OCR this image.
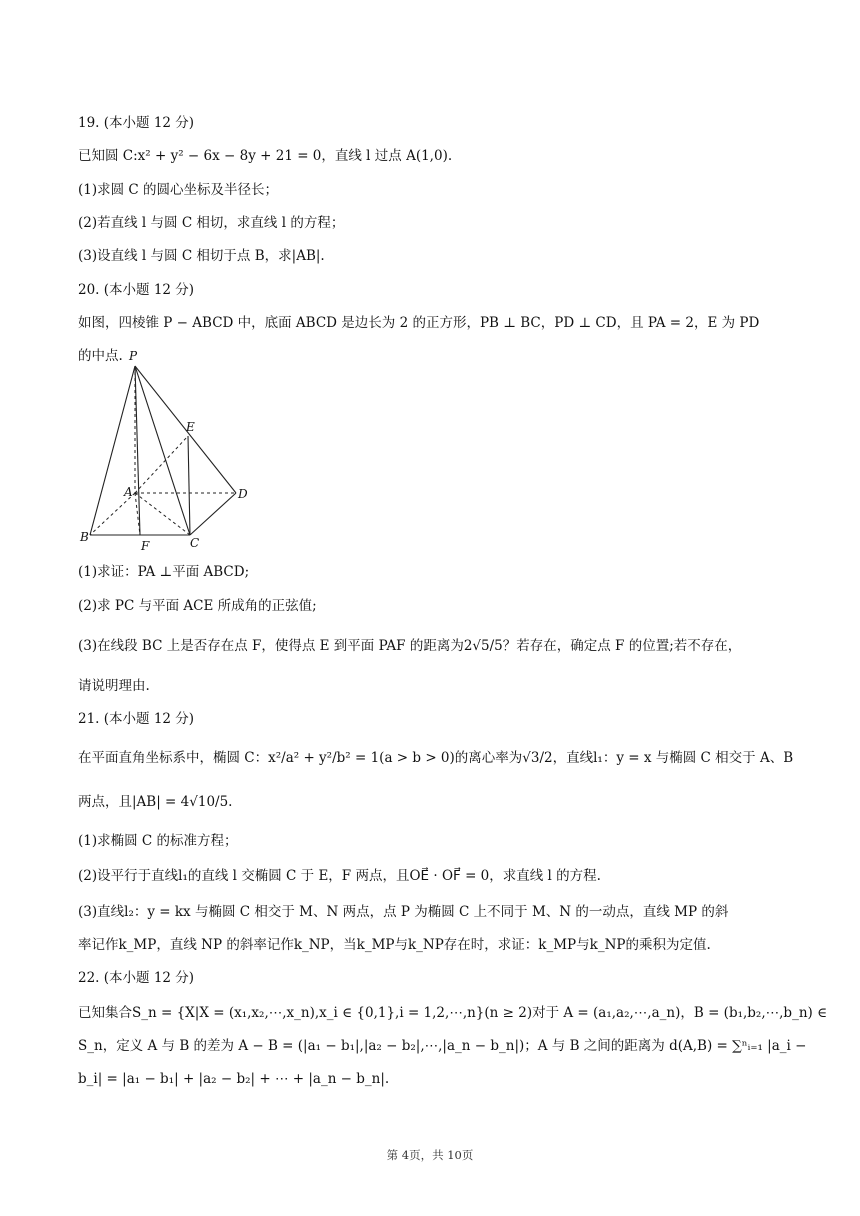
19. (本小题 12 分)
已知圆 C:x² + y² − 6x − 8y + 21 = 0，直线 l 过点 A(1,0).
(1)求圆 C 的圆心坐标及半径长；
(2)若直线 l 与圆 C 相切，求直线 l 的方程；
(3)设直线 l 与圆 C 相切于点 B，求|AB|.
20. (本小题 12 分)
如图，四棱锥 P − ABCD 中，底面 ABCD 是边长为 2 的正方形，PB ⊥ BC，PD ⊥ CD，且 PA = 2，E 为 PD
的中点.
(1)求证：PA ⊥平面 ABCD;
(2)求 PC 与平面 ACE 所成角的正弦值;
(3)在线段 BC 上是否存在点 F，使得点 E 到平面 PAF 的距离为2√5/5？若存在，确定点 F 的位置;若不存在，
请说明理由.
21. (本小题 12 分)
在平面直角坐标系中，椭圆 C：x²/a² + y²/b² = 1(a > b > 0)的离心率为√3/2，直线l₁：y = x 与椭圆 C 相交于 A、B
两点，且|AB| = 4√10/5.
(1)求椭圆 C 的标准方程；
(2)设平行于直线l₁的直线 l 交椭圆 C 于 E，F 两点，且OE⃗ · OF⃗ = 0，求直线 l 的方程.
(3)直线l₂：y = kx 与椭圆 C 相交于 M、N 两点，点 P 为椭圆 C 上不同于 M、N 的一动点，直线 MP 的斜
率记作k_MP，直线 NP 的斜率记作k_NP，当k_MP与k_NP存在时，求证：k_MP与k_NP的乘积为定值.
22. (本小题 12 分)
已知集合S_n = {X|X = (x₁,x₂,⋯,x_n),x_i ∈ {0,1},i = 1,2,⋯,n}(n ≥ 2)对于 A = (a₁,a₂,⋯,a_n)，B = (b₁,b₂,⋯,b_n) ∈
S_n，定义 A 与 B 的差为 A − B = (|a₁ − b₁|,|a₂ − b₂|,⋯,|a_n − b_n|)；A 与 B 之间的距离为 d(A,B) = ∑ⁿᵢ₌₁ |a_i −
b_i| = |a₁ − b₁| + |a₂ − b₂| + ⋯ + |a_n − b_n|.
P
E
A	D
B
F	C
第 4页，共 10页
